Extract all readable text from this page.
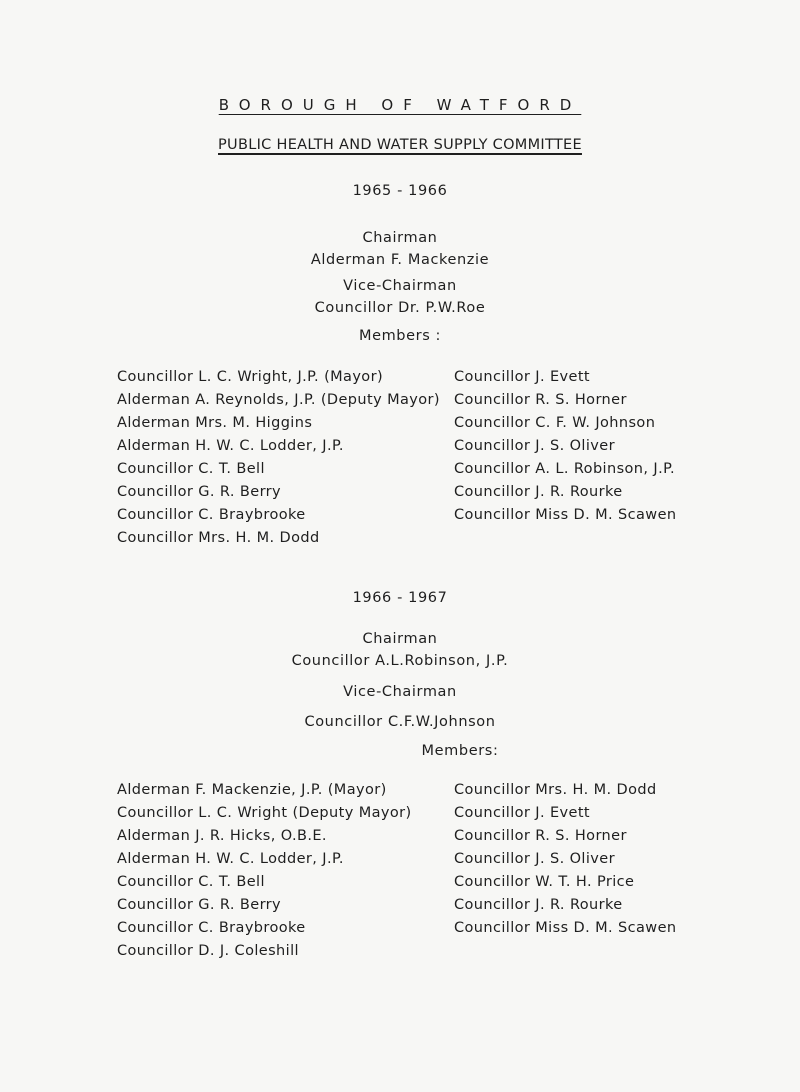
BOROUGH OF WATFORD
PUBLIC HEALTH AND WATER SUPPLY COMMITTEE
1965 - 1966
Chairman
Alderman F. Mackenzie
Vice-Chairman
Councillor Dr. P.W.Roe
Members :
Councillor L. C. Wright, J.P. (Mayor)
Alderman A. Reynolds, J.P. (Deputy Mayor)
Alderman Mrs. M. Higgins
Alderman H. W. C. Lodder, J.P.
Councillor C. T. Bell
Councillor G. R. Berry
Councillor C. Braybrooke
Councillor Mrs. H. M. Dodd
Councillor J. Evett
Councillor R. S. Horner
Councillor C. F. W. Johnson
Councillor J. S. Oliver
Councillor A. L. Robinson, J.P.
Councillor J. R. Rourke
Councillor Miss D. M. Scawen
1966 - 1967
Chairman
Councillor A.L.Robinson, J.P.
Vice-Chairman
Councillor C.F.W.Johnson
Members:
Alderman F. Mackenzie, J.P. (Mayor)
Councillor L. C. Wright (Deputy Mayor)
Alderman J. R. Hicks, O.B.E.
Alderman H. W. C. Lodder, J.P.
Councillor C. T. Bell
Councillor G. R. Berry
Councillor C. Braybrooke
Councillor D. J. Coleshill
Councillor Mrs. H. M. Dodd
Councillor J. Evett
Councillor R. S. Horner
Councillor J. S. Oliver
Councillor W. T. H. Price
Councillor J. R. Rourke
Councillor Miss D. M. Scawen
